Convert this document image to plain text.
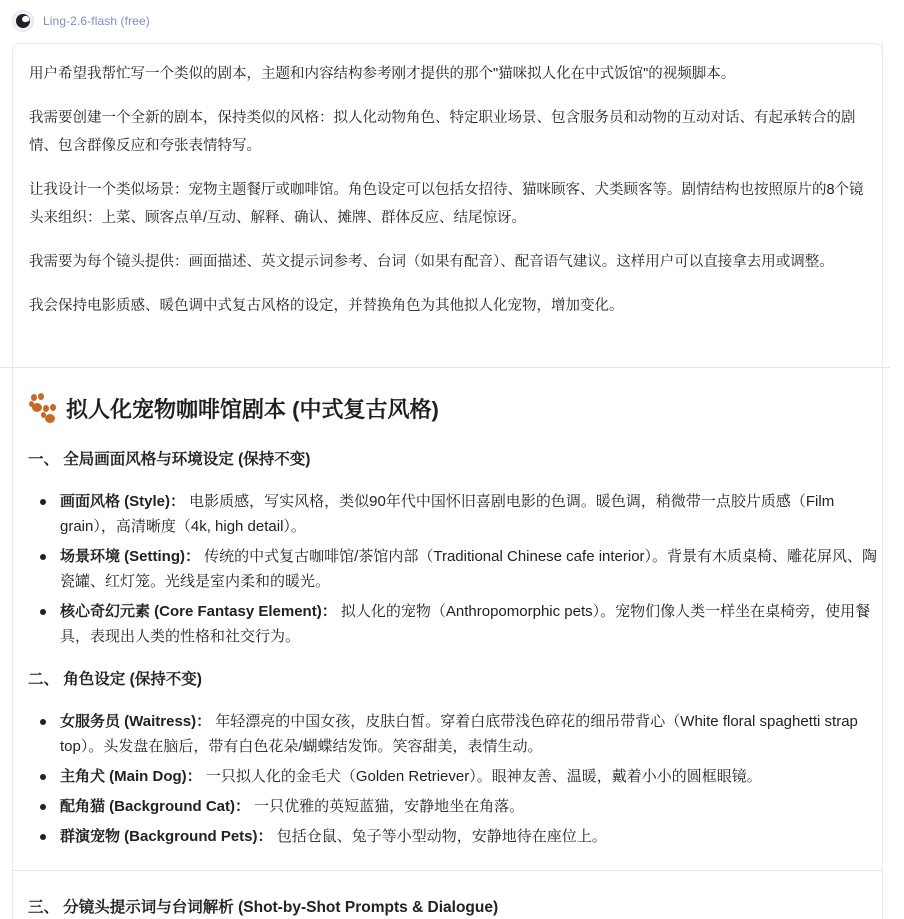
Ling-2.6-flash (free)

用户希望我帮忙写一个类似的剧本，主题和内容结构参考刚才提供的那个"猫咪拟人化在中式饭馆"的视频脚本。

我需要创建一个全新的剧本，保持类似的风格：拟人化动物角色、特定职业场景、包含服务员和动物的互动对话、有起承转合的剧情、包含群像反应和夸张表情特写。

让我设计一个类似场景：宠物主题餐厅或咖啡馆。角色设定可以包括女招待、猫咪顾客、犬类顾客等。剧情结构也按照原片的8个镜头来组织：上菜、顾客点单/互动、解释、确认、摊牌、群体反应、结尾惊讶。

我需要为每个镜头提供：画面描述、英文提示词参考、台词（如果有配音）、配音语气建议。这样用户可以直接拿去用或调整。

我会保持电影质感、暖色调中式复古风格的设定，并替换角色为其他拟人化宠物，增加变化。

拟人化宠物咖啡馆剧本 (中式复古风格)
一、 全局画面风格与环境设定 (保持不变)
画面风格 (Style)： 电影质感，写实风格，类似90年代中国怀旧喜剧电影的色调。暖色调，稍微带一点胶片质感（Film grain），高清晰度（4k, high detail）。
场景环境 (Setting)： 传统的中式复古咖啡馆/茶馆内部（Traditional Chinese cafe interior）。背景有木质桌椅、雕花屏风、陶瓷罐、红灯笼。光线是室内柔和的暖光。
核心奇幻元素 (Core Fantasy Element)： 拟人化的宠物（Anthropomorphic pets）。宠物们像人类一样坐在桌椅旁，使用餐具，表现出人类的性格和社交行为。
二、 角色设定 (保持不变)
女服务员 (Waitress)： 年轻漂亮的中国女孩，皮肤白皙。穿着白底带浅色碎花的细吊带背心（White floral spaghetti strap top）。头发盘在脑后，带有白色花朵/蝴蝶结发饰。笑容甜美，表情生动。
主角犬 (Main Dog)： 一只拟人化的金毛犬（Golden Retriever）。眼神友善、温暖，戴着小小的圆框眼镜。
配角猫 (Background Cat)： 一只优雅的英短蓝猫，安静地坐在角落。
群演宠物 (Background Pets)： 包括仓鼠、兔子等小型动物，安静地待在座位上。
三、 分镜头提示词与台词解析 (Shot-by-Shot Prompts & Dialogue)
